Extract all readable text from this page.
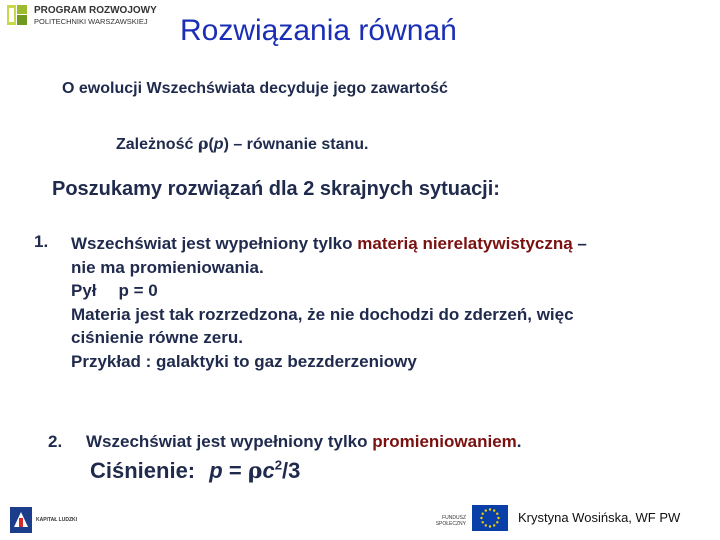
PROGRAM ROZWOJOWY
POLITECHNIKI WARSZAWSKIEJ Rozwiązania równań
O ewolucji Wszechświata decyduje jego zawartość
Zależność ρ(p) – równanie stanu.
Poszukamy rozwiązań dla 2 skrajnych sytuacji:
1. Wszechświat jest wypełniony tylko materią nierelatywistyczną –
nie ma promieniowania.
Pył p = 0
Materia jest tak rozrzedzona, że nie dochodzi do zderzeń, więc
ciśnienie równe zeru.
Przykład : galaktyki to gaz bezzderzeniowy
2. Wszechświat jest wypełniony tylko promieniowaniem.
Ciśnienie: $p = \rho c^2/3$
KAPITAŁ LUDZKI	FUNDUSZ SPOŁECZNY	Krystyna Wosińska, WF PW
